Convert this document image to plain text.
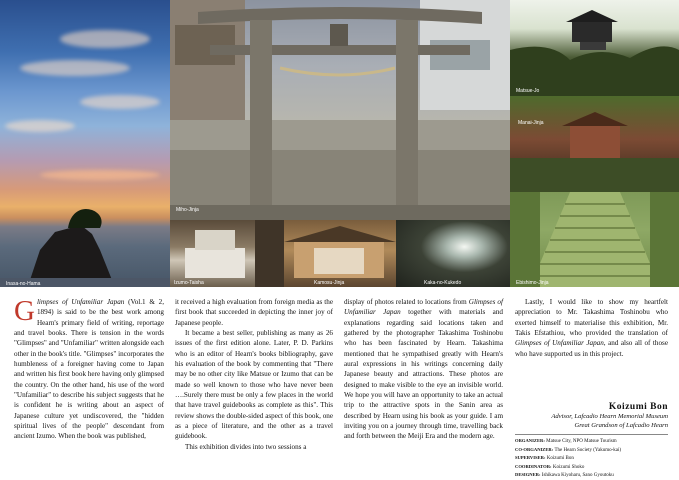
Inasa-no-Hama
Miho-Jinja
Izumo-Taisha	Kamosu-Jinja	Kaka-no-Kukedo
Matsue-Jo
Manai-Jinja
Ebishimo-Jinja

Glimpses of Unfamiliar Japan (Vol.1 & 2, 1894) is said to be the best work among Hearn's primary field of writing, reportage and travel books. There is tension in the words "Glimpses" and "Unfamiliar" written alongside each other in the book's title. "Glimpses" incorporates the humbleness of a foreigner having come to Japan and written his first book here having only glimpsed the country. On the other hand, his use of the word "Unfamiliar" to describe his subject suggests that he is confident he is writing about an aspect of Japanese culture yet undiscovered, the "hidden spiritual lives of the people" descendant from ancient Izumo. When the book was published,

it received a high evaluation from foreign media as the first book that succeeded in depicting the inner joy of Japanese people.

It became a best seller, publishing as many as 26 issues of the first edition alone. Later, P. D. Parkins who is an editor of Hearn's books bibliography, gave his evaluation of the book by commenting that "There may be no other city like Matsue or Izumo that can be made so well known to those who have never been ….Surely there must be only a few places in the world that have travel guidebooks as complete as this". This review shows the double-sided aspect of this book, one as a piece of literature, and the other as a travel guidebook.

This exhibition divides into two sessions a

display of photos related to locations from Glimpses of Unfamiliar Japan together with materials and explanations regarding said locations taken and gathered by the photographer Takashima Toshinobu who has been fascinated by Hearn. Takashima mentioned that he sympathised greatly with Hearn's aural expressions in his writings concerning daily Japanese beauty and attractions. These photos are designed to make visible to the eye an invisible world. We hope you will have an opportunity to take an actual trip to the attractive spots in the Sanin area as described by Hearn using his book as your guide. I am inviting you on a journey through time, travelling back and forth between the Meiji Era and the modern age.

Lastly, I would like to show my heartfelt appreciation to Mr. Takashima Toshinobu who exerted himself to materialise this exhibition, Mr. Takis Efstathiou, who provided the translation of Glimpses of Unfamiliar Japan, and also all of those who have supported us in this project.

Koizumi Bon
Advisor, Lafcadio Hearn Memorial Museum
Great Grandson of Lafcadio Hearn
ORGANIZER: Matsue City, NPO Matsue Tourism
CO-ORGANIZER: The Hearn Society (Yakumo-kai)
SUPERVISER: Koizumi Bon
COORDINATOR: Koizumi Shoko
DESIGNER: Ishikawa Kiyoharu, Sano Gyoutoku
